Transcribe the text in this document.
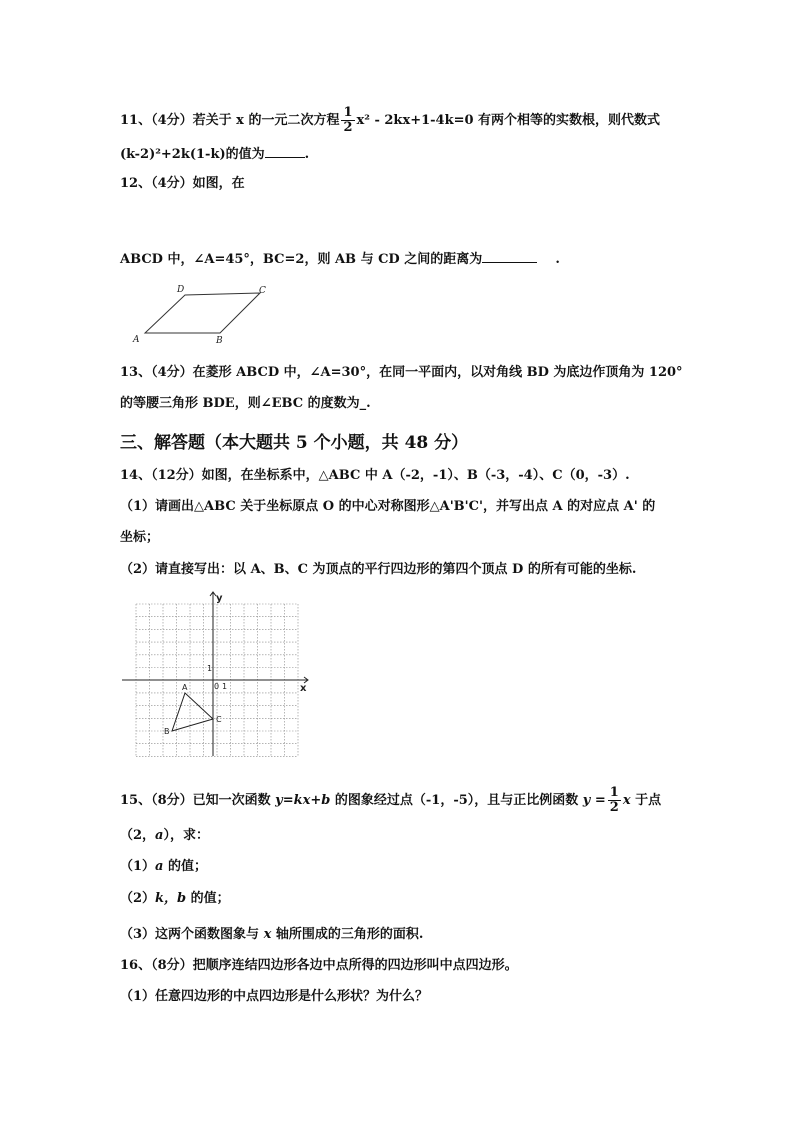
11、（4分）若关于 x 的一元二次方程 $\frac{1}{2} x^2 - 2kx+1-4k=0$ 有两个相等的实数根，则代数式
(k-2)²+2k(1-k)的值为	.
12、（4分）如图，在
ABCD 中，∠A=45°，BC=2，则 AB 与 CD 之间的距离为	.
A	B
C
D
13、（4分）在菱形 ABCD 中，∠A=30°，在同一平面内，以对角线 BD 为底边作顶角为 120°
的等腰三角形 BDE，则∠EBC 的度数为_.
三、解答题（本大题共 5 个小题，共 48 分）
14、（12分）如图，在坐标系中，△ABC 中 A（-2，-1）、B（-3，-4）、C（0，-3）.
（1）请画出△ABC 关于坐标原点 O 的中心对称图形△A'B'C'，并写出点 A 的对应点 A' 的
坐标；
（2）请直接写出：以 A、B、C 为顶点的平行四边形的第四个顶点 D 的所有可能的坐标.
y
x
1
0 1
A
B
C
15、（8分）已知一次函数 y=kx+b 的图象经过点（-1，-5），且与正比例函数 $y = \frac{1}{2}$ x 于点
（2，a），求：
（1）a 的值；
（2）k，b 的值；
（3）这两个函数图象与 x 轴所围成的三角形的面积.
16、（8分）把顺序连结四边形各边中点所得的四边形叫中点四边形。
（1）任意四边形的中点四边形是什么形状？为什么？
